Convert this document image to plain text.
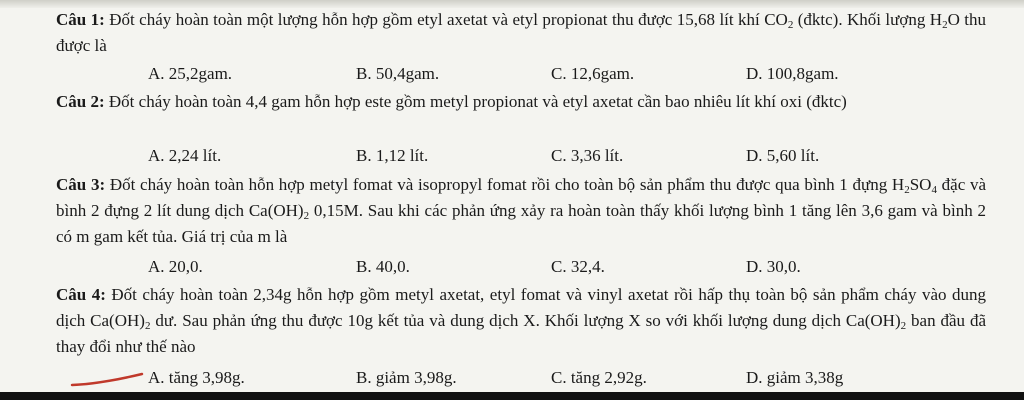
Câu 1: Đốt cháy hoàn toàn một lượng hỗn hợp gồm etyl axetat và etyl propionat thu được 15,68 lít khí $CO_2$ (đktc). Khối lượng $H_2O$ thu được là
A. 25,2gam.	B. 50,4gam.	C. 12,6gam.	D. 100,8gam.
Câu 2: Đốt cháy hoàn toàn 4,4 gam hỗn hợp este gồm metyl propionat và etyl axetat cần bao nhiêu lít khí oxi (đktc)
A. 2,24 lít.	B. 1,12 lít.	C. 3,36 lít.	D. 5,60 lít.
Câu 3: Đốt cháy hoàn toàn hỗn hợp metyl fomat và isopropyl fomat rồi cho toàn bộ sản phẩm thu được qua bình 1 đựng $H_2SO_4$ đặc và bình 2 đựng 2 lít dung dịch $Ca(OH)_2$ 0,15M. Sau khi các phản ứng xảy ra hoàn toàn thấy khối lượng bình 1 tăng lên 3,6 gam và bình 2 có m gam kết tủa. Giá trị của m là
A. 20,0.	B. 40,0.	C. 32,4.	D. 30,0.
Câu 4: Đốt cháy hoàn toàn 2,34g hỗn hợp gồm metyl axetat, etyl fomat và vinyl axetat rồi hấp thụ toàn bộ sản phẩm cháy vào dung dịch $Ca(OH)_2$ dư. Sau phản ứng thu được 10g kết tủa và dung dịch X. Khối lượng X so với khối lượng dung dịch $Ca(OH)_2$ ban đầu đã thay đổi như thế nào
A. tăng 3,98g.	B. giảm 3,98g.	C. tăng 2,92g.	D. giảm 3,38g
